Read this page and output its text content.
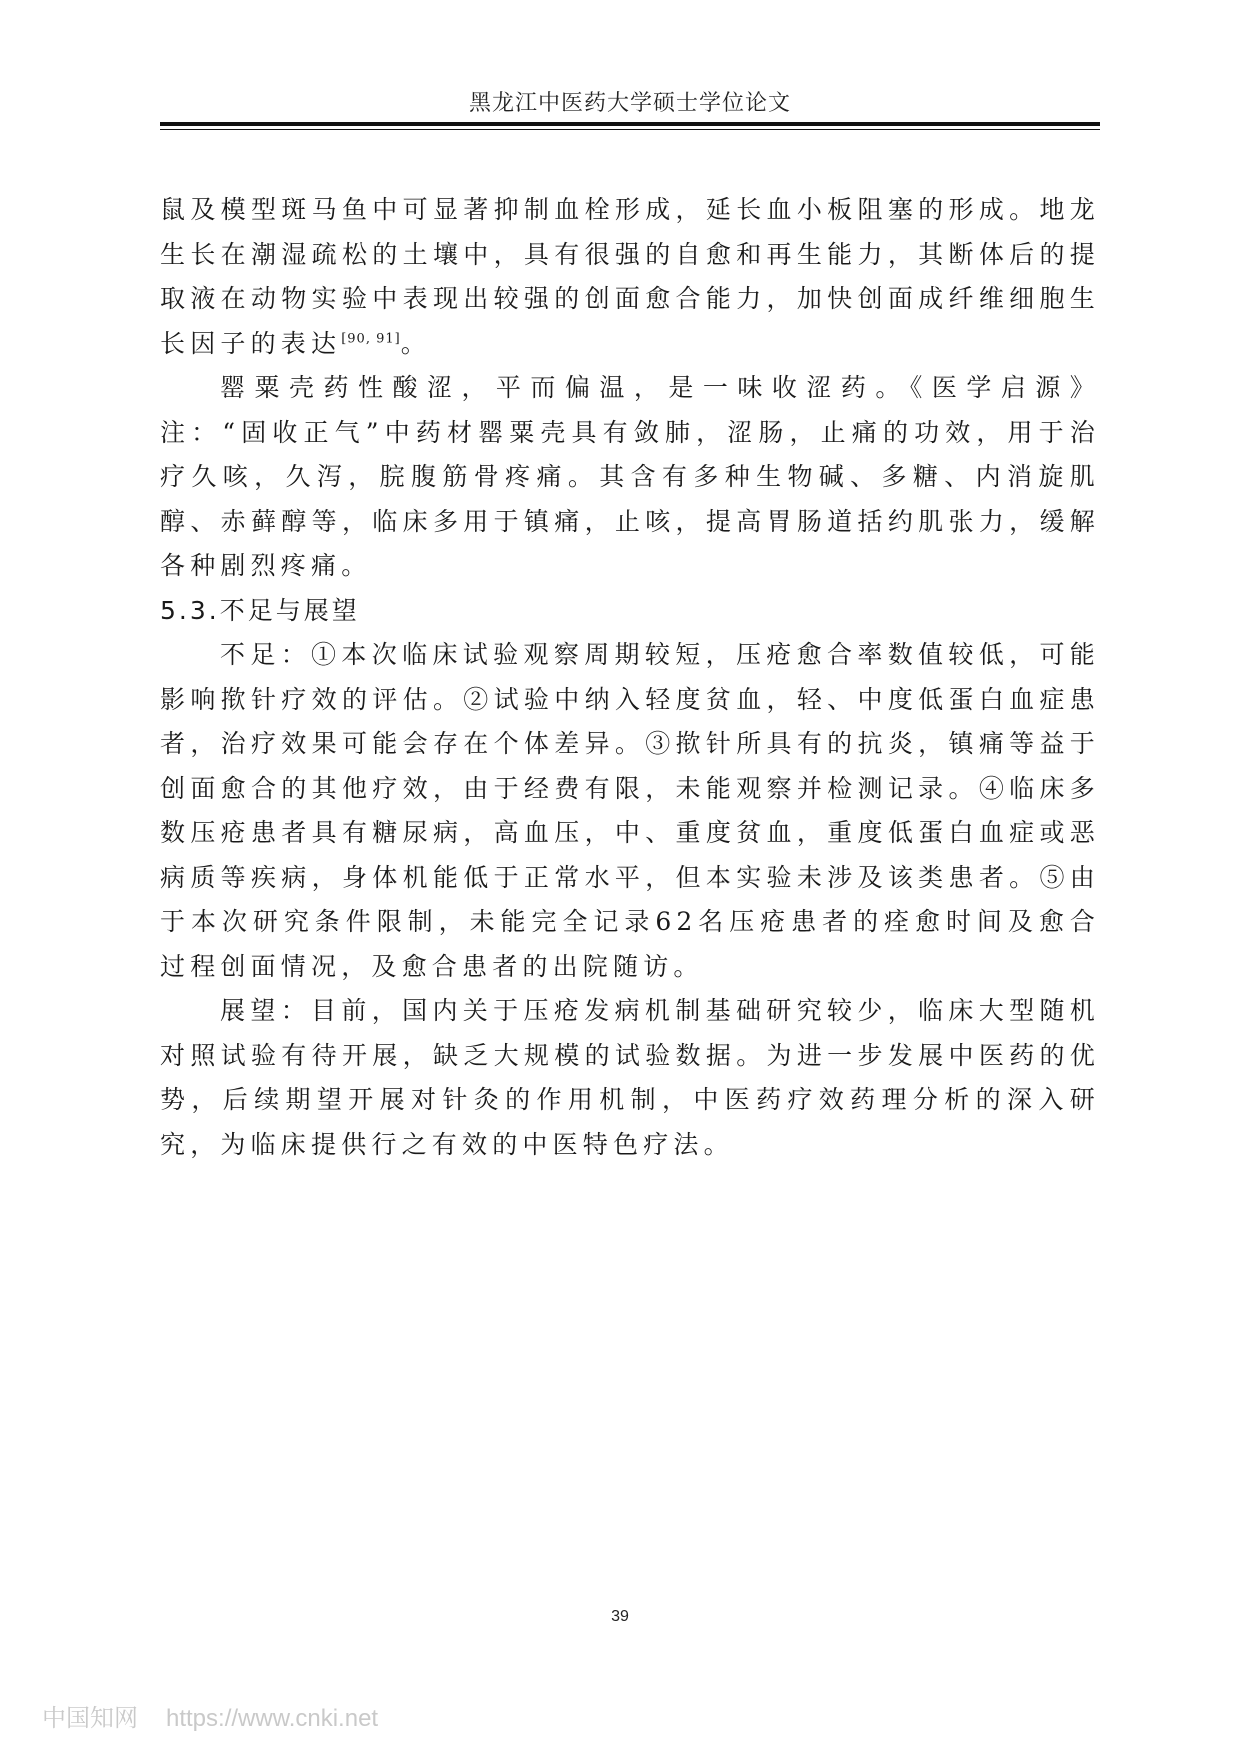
黑龙江中医药大学硕士学位论文

鼠及模型斑马鱼中可显著抑制血栓形成，延长血小板阻塞的形成。地龙生长在潮湿疏松的土壤中，具有很强的自愈和再生能力，其断体后的提取液在动物实验中表现出较强的创面愈合能力，加快创面成纤维细胞生长因子的表达[90, 91]。

罂粟壳药性酸涩，平而偏温，是一味收涩药。《医学启源》注：“固收正气”中药材罂粟壳具有敛肺，涩肠，止痛的功效，用于治疗久咳，久泻，脘腹筋骨疼痛。其含有多种生物碱、多糖、内消旋肌醇、赤藓醇等，临床多用于镇痛，止咳，提高胃肠道括约肌张力，缓解各种剧烈疼痛。

5.3.不足与展望

不足：①本次临床试验观察周期较短，压疮愈合率数值较低，可能影响揿针疗效的评估。②试验中纳入轻度贫血，轻、中度低蛋白血症患者，治疗效果可能会存在个体差异。③揿针所具有的抗炎，镇痛等益于创面愈合的其他疗效，由于经费有限，未能观察并检测记录。④临床多数压疮患者具有糖尿病，高血压，中、重度贫血，重度低蛋白血症或恶病质等疾病，身体机能低于正常水平，但本实验未涉及该类患者。⑤由于本次研究条件限制，未能完全记录62名压疮患者的痊愈时间及愈合过程创面情况，及愈合患者的出院随访。

展望：目前，国内关于压疮发病机制基础研究较少，临床大型随机对照试验有待开展，缺乏大规模的试验数据。为进一步发展中医药的优势，后续期望开展对针灸的作用机制，中医药疗效药理分析的深入研究，为临床提供行之有效的中医特色疗法。

39
中国知网 https://www.cnki.net
